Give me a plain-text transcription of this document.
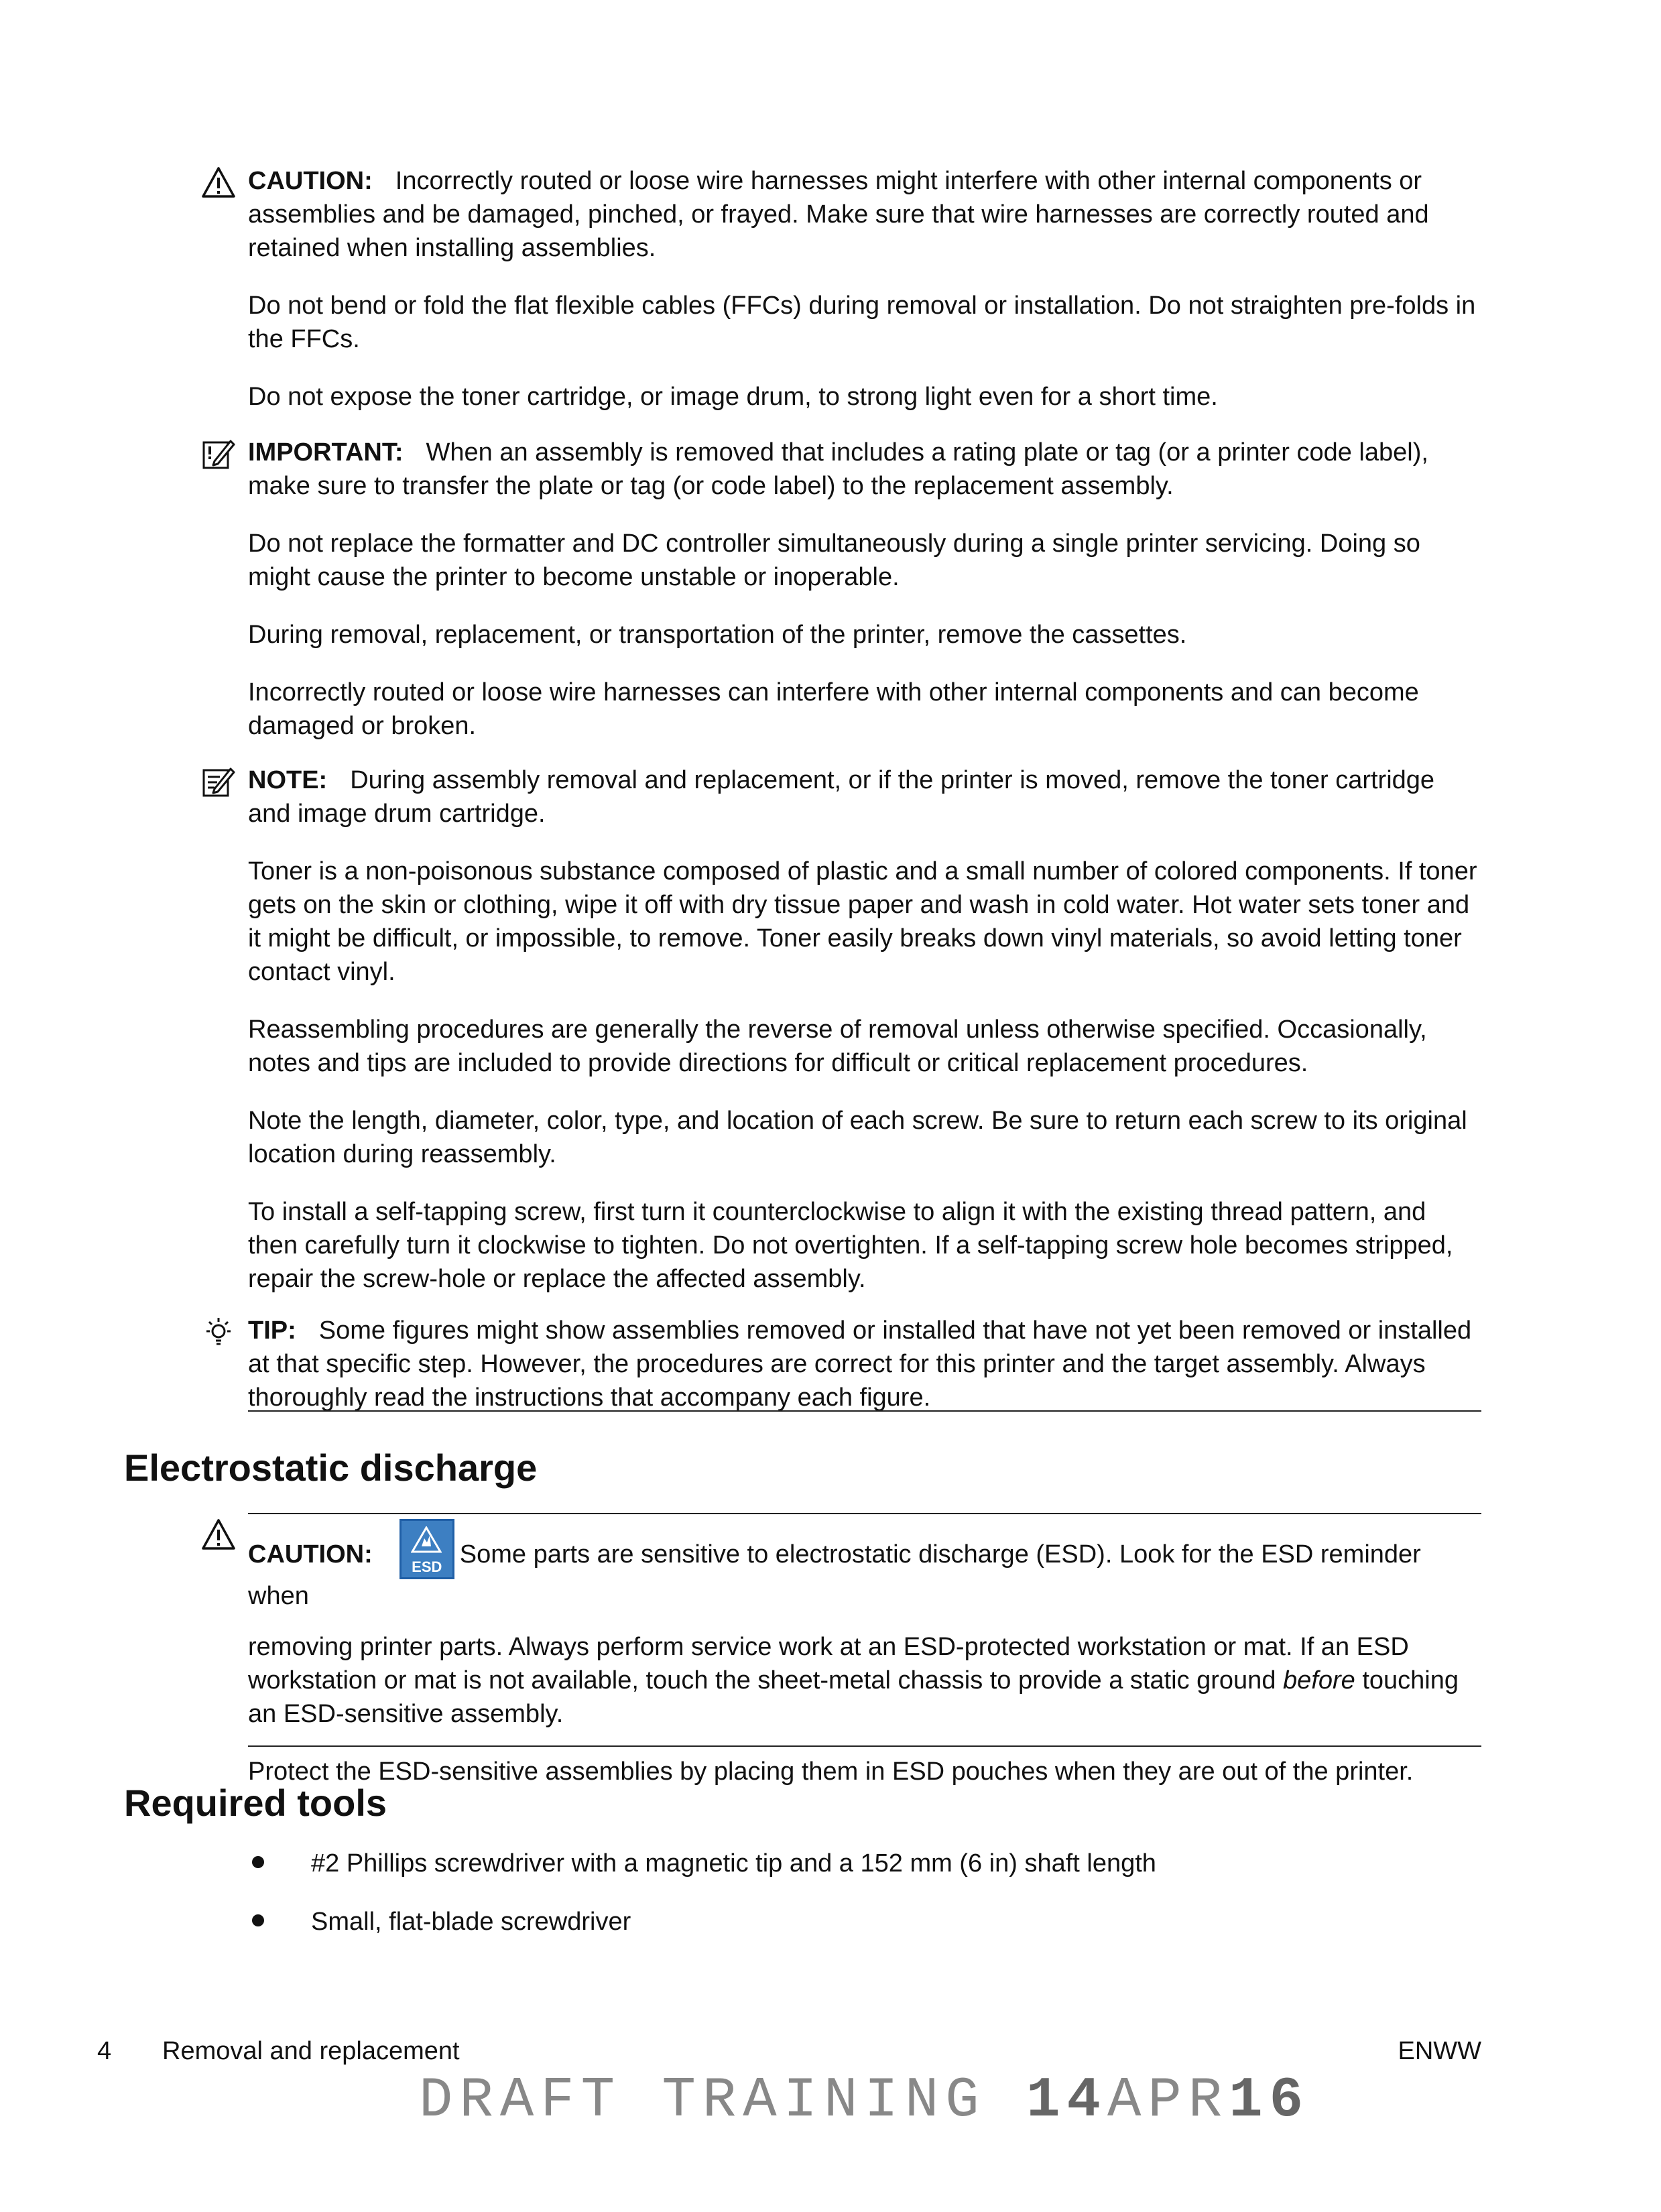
CAUTION: Incorrectly routed or loose wire harnesses might interfere with other internal components or assemblies and be damaged, pinched, or frayed. Make sure that wire harnesses are correctly routed and retained when installing assemblies.

Do not bend or fold the flat flexible cables (FFCs) during removal or installation. Do not straighten pre-folds in the FFCs.

Do not expose the toner cartridge, or image drum, to strong light even for a short time.

IMPORTANT: When an assembly is removed that includes a rating plate or tag (or a printer code label), make sure to transfer the plate or tag (or code label) to the replacement assembly.

Do not replace the formatter and DC controller simultaneously during a single printer servicing. Doing so might cause the printer to become unstable or inoperable.

During removal, replacement, or transportation of the printer, remove the cassettes.

Incorrectly routed or loose wire harnesses can interfere with other internal components and can become damaged or broken.

NOTE: During assembly removal and replacement, or if the printer is moved, remove the toner cartridge and image drum cartridge.

Toner is a non-poisonous substance composed of plastic and a small number of colored components. If toner gets on the skin or clothing, wipe it off with dry tissue paper and wash in cold water. Hot water sets toner and it might be difficult, or impossible, to remove. Toner easily breaks down vinyl materials, so avoid letting toner contact vinyl.

Reassembling procedures are generally the reverse of removal unless otherwise specified. Occasionally, notes and tips are included to provide directions for difficult or critical replacement procedures.

Note the length, diameter, color, type, and location of each screw. Be sure to return each screw to its original location during reassembly.

To install a self-tapping screw, first turn it counterclockwise to align it with the existing thread pattern, and then carefully turn it clockwise to tighten. Do not overtighten. If a self-tapping screw hole becomes stripped, repair the screw-hole or replace the affected assembly.

TIP: Some figures might show assemblies removed or installed that have not yet been removed or installed at that specific step. However, the procedures are correct for this printer and the target assembly. Always thoroughly read the instructions that accompany each figure.

Electrostatic discharge

CAUTION:	ESD Some parts are sensitive to electrostatic discharge (ESD). Look for the ESD reminder when

removing printer parts. Always perform service work at an ESD-protected workstation or mat. If an ESD workstation or mat is not available, touch the sheet-metal chassis to provide a static ground before touching an ESD-sensitive assembly.

Protect the ESD-sensitive assemblies by placing them in ESD pouches when they are out of the printer.

Required tools
#2 Phillips screwdriver with a magnetic tip and a 152 mm (6 in) shaft length
Small, flat-blade screwdriver
4 Removal and replacement	ENWW
DRAFT TRAINING 14APR16
